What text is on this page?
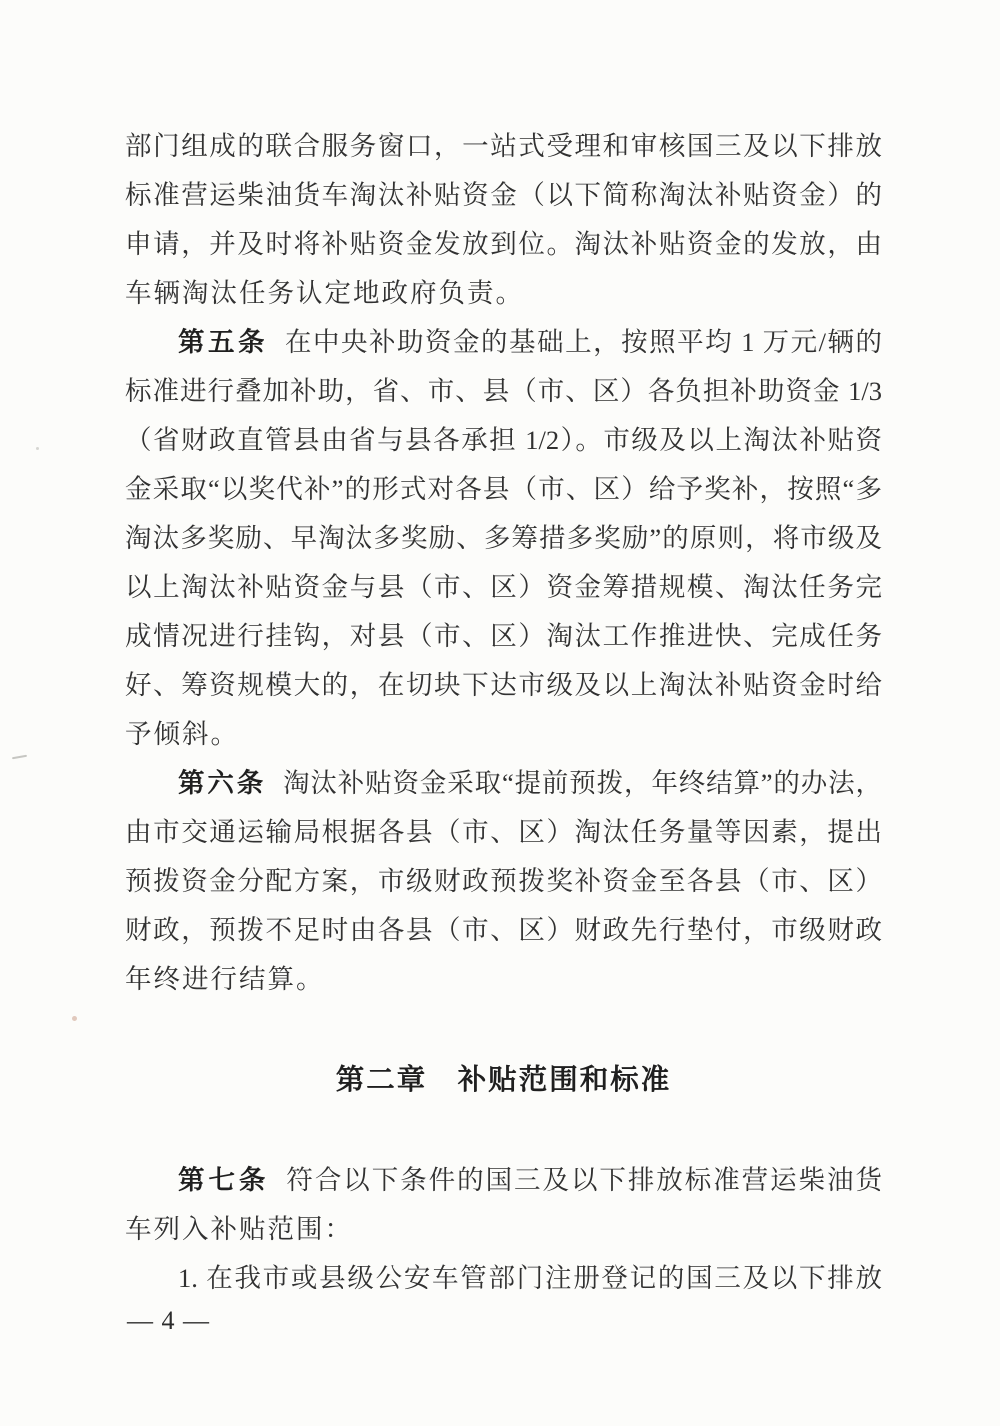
部门组成的联合服务窗口，一站式受理和审核国三及以下排放
标准营运柴油货车淘汰补贴资金（以下简称淘汰补贴资金）的
申请，并及时将补贴资金发放到位。淘汰补贴资金的发放，由
车辆淘汰任务认定地政府负责。
第五条 在中央补助资金的基础上，按照平均 1 万元/辆的
标准进行叠加补助，省、市、县（市、区）各负担补助资金 1/3
（省财政直管县由省与县各承担 1/2）。市级及以上淘汰补贴资
金采取“以奖代补”的形式对各县（市、区）给予奖补，按照“多
淘汰多奖励、早淘汰多奖励、多筹措多奖励”的原则，将市级及
以上淘汰补贴资金与县（市、区）资金筹措规模、淘汰任务完
成情况进行挂钩，对县（市、区）淘汰工作推进快、完成任务
好、筹资规模大的，在切块下达市级及以上淘汰补贴资金时给
予倾斜。
第六条 淘汰补贴资金采取“提前预拨，年终结算”的办法，
由市交通运输局根据各县（市、区）淘汰任务量等因素，提出
预拨资金分配方案，市级财政预拨奖补资金至各县（市、区）
财政，预拨不足时由各县（市、区）财政先行垫付，市级财政
年终进行结算。
第二章　补贴范围和标准
第七条 符合以下条件的国三及以下排放标准营运柴油货
车列入补贴范围：
1. 在我市或县级公安车管部门注册登记的国三及以下排放
— 4 —
